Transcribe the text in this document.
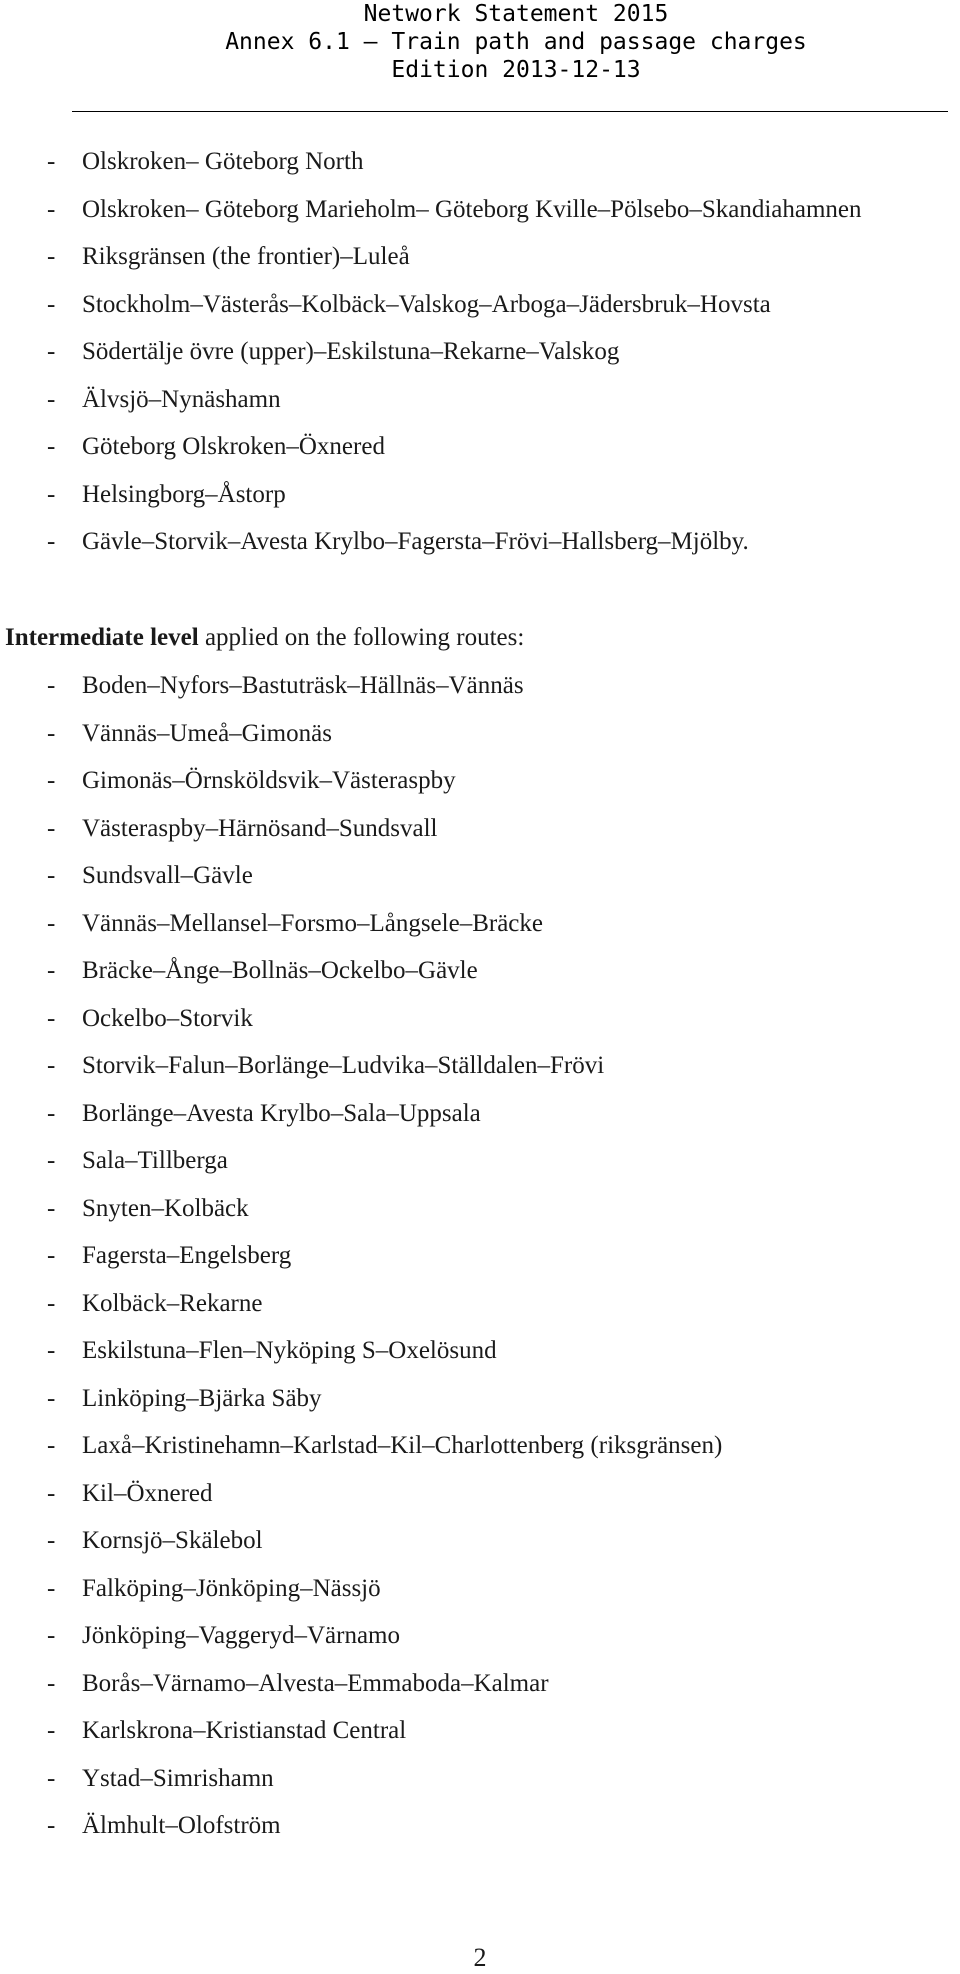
Network Statement 2015
Annex 6.1 – Train path and passage charges
Edition 2013-12-13
- Olskroken– Göteborg North
- Olskroken– Göteborg Marieholm– Göteborg Kville–Pölsebo–Skandiahamnen
- Riksgränsen (the frontier)–Luleå
- Stockholm–Västerås–Kolbäck–Valskog–Arboga–Jädersbruk–Hovsta
- Södertälje övre (upper)–Eskilstuna–Rekarne–Valskog
- Älvsjö–Nynäshamn
- Göteborg Olskroken–Öxnered
- Helsingborg–Åstorp
- Gävle–Storvik–Avesta Krylbo–Fagersta–Frövi–Hallsberg–Mjölby.
Intermediate level applied on the following routes:
- Boden–Nyfors–Bastuträsk–Hällnäs–Vännäs
- Vännäs–Umeå–Gimonäs
- Gimonäs–Örnsköldsvik–Västeraspby
- Västeraspby–Härnösand–Sundsvall
- Sundsvall–Gävle
- Vännäs–Mellansel–Forsmo–Långsele–Bräcke
- Bräcke–Ånge–Bollnäs–Ockelbo–Gävle
- Ockelbo–Storvik
- Storvik–Falun–Borlänge–Ludvika–Ställdalen–Frövi
- Borlänge–Avesta Krylbo–Sala–Uppsala
- Sala–Tillberga
- Snyten–Kolbäck
- Fagersta–Engelsberg
- Kolbäck–Rekarne
- Eskilstuna–Flen–Nyköping S–Oxelösund
- Linköping–Bjärka Säby
- Laxå–Kristinehamn–Karlstad–Kil–Charlottenberg (riksgränsen)
- Kil–Öxnered
- Kornsjö–Skälebol
- Falköping–Jönköping–Nässjö
- Jönköping–Vaggeryd–Värnamo
- Borås–Värnamo–Alvesta–Emmaboda–Kalmar
- Karlskrona–Kristianstad Central
- Ystad–Simrishamn
- Älmhult–Olofström
2
